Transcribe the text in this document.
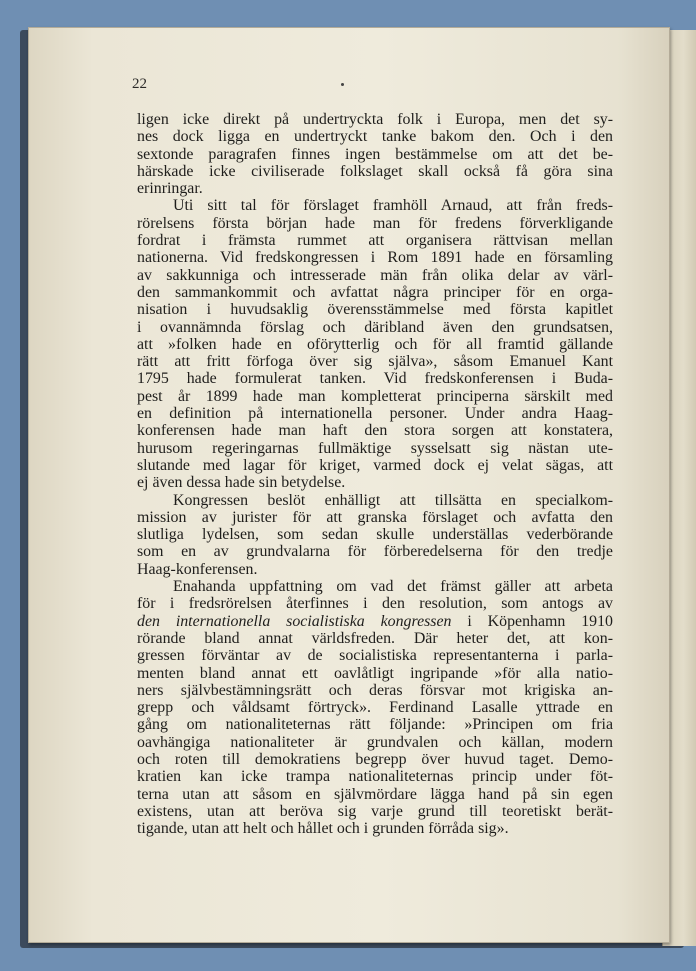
22
ligen icke direkt på undertryckta folk i Europa, men det sy-
nes dock ligga en undertryckt tanke bakom den. Och i den
sextonde paragrafen finnes ingen bestämmelse om att det be-
härskade icke civiliserade folkslaget skall också få göra sina
erinringar.
Uti sitt tal för förslaget framhöll Arnaud, att från freds-
rörelsens första början hade man för fredens förverkligande
fordrat i främsta rummet att organisera rättvisan mellan
nationerna. Vid fredskongressen i Rom 1891 hade en församling
av sakkunniga och intresserade män från olika delar av värl-
den sammankommit och avfattat några principer för en orga-
nisation i huvudsaklig överensstämmelse med första kapitlet
i ovannämnda förslag och däribland även den grundsatsen,
att »folken hade en oförytterlig och för all framtid gällande
rätt att fritt förfoga över sig själva», såsom Emanuel Kant
1795 hade formulerat tanken. Vid fredskonferensen i Buda-
pest år 1899 hade man kompletterat principerna särskilt med
en definition på internationella personer. Under andra Haag-
konferensen hade man haft den stora sorgen att konstatera,
hurusom regeringarnas fullmäktige sysselsatt sig nästan ute-
slutande med lagar för kriget, varmed dock ej velat sägas, att
ej även dessa hade sin betydelse.
Kongressen beslöt enhälligt att tillsätta en specialkom-
mission av jurister för att granska förslaget och avfatta den
slutliga lydelsen, som sedan skulle underställas vederbörande
som en av grundvalarna för förberedelserna för den tredje
Haag-konferensen.
Enahanda uppfattning om vad det främst gäller att arbeta
för i fredsrörelsen återfinnes i den resolution, som antogs av
den internationella socialistiska kongressen i Köpenhamn 1910
rörande bland annat världsfreden. Där heter det, att kon-
gressen förväntar av de socialistiska representanterna i parla-
menten bland annat ett oavlåtligt ingripande »för alla natio-
ners självbestämningsrätt och deras försvar mot krigiska an-
grepp och våldsamt förtryck». Ferdinand Lasalle yttrade en
gång om nationaliteternas rätt följande: »Principen om fria
oavhängiga nationaliteter är grundvalen och källan, modern
och roten till demokratiens begrepp över huvud taget. Demo-
kratien kan icke trampa nationaliteternas princip under föt-
terna utan att såsom en självmördare lägga hand på sin egen
existens, utan att beröva sig varje grund till teoretiskt berät-
tigande, utan att helt och hållet och i grunden förråda sig».
